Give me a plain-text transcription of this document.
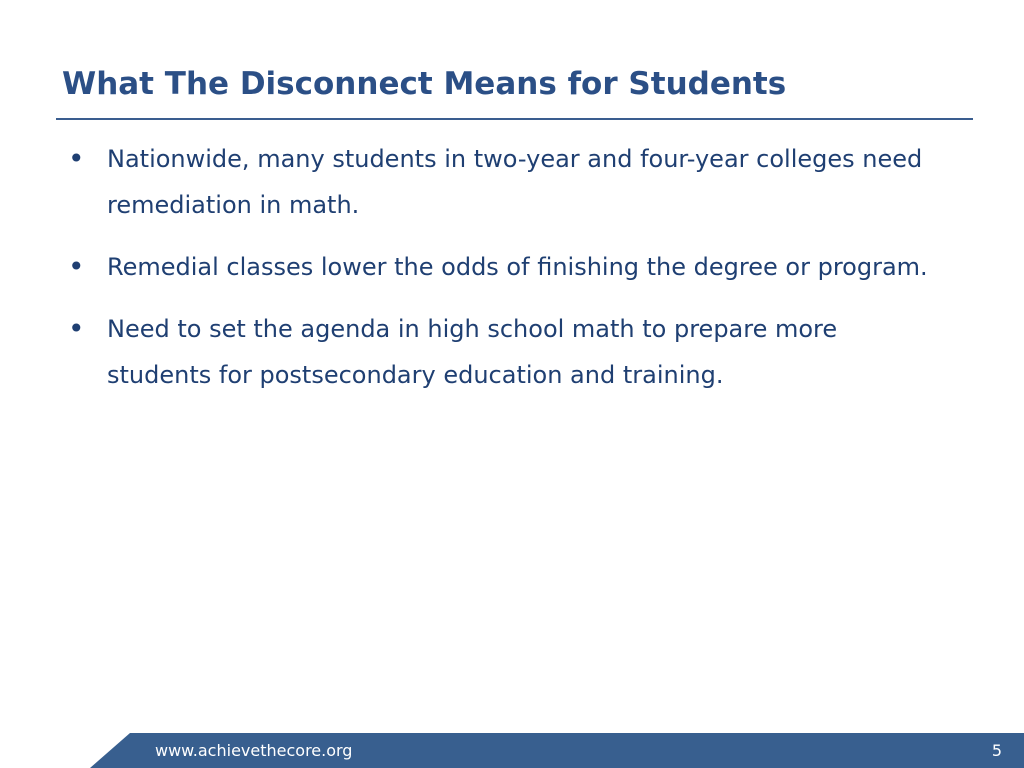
What The Disconnect Means for Students
• Nationwide, many students in two-year and four-year colleges need remediation in math.
• Remedial classes lower the odds of finishing the degree or program.
• Need to set the agenda in high school math to prepare more students for postsecondary education and training.
www.achievethecore.org	5
